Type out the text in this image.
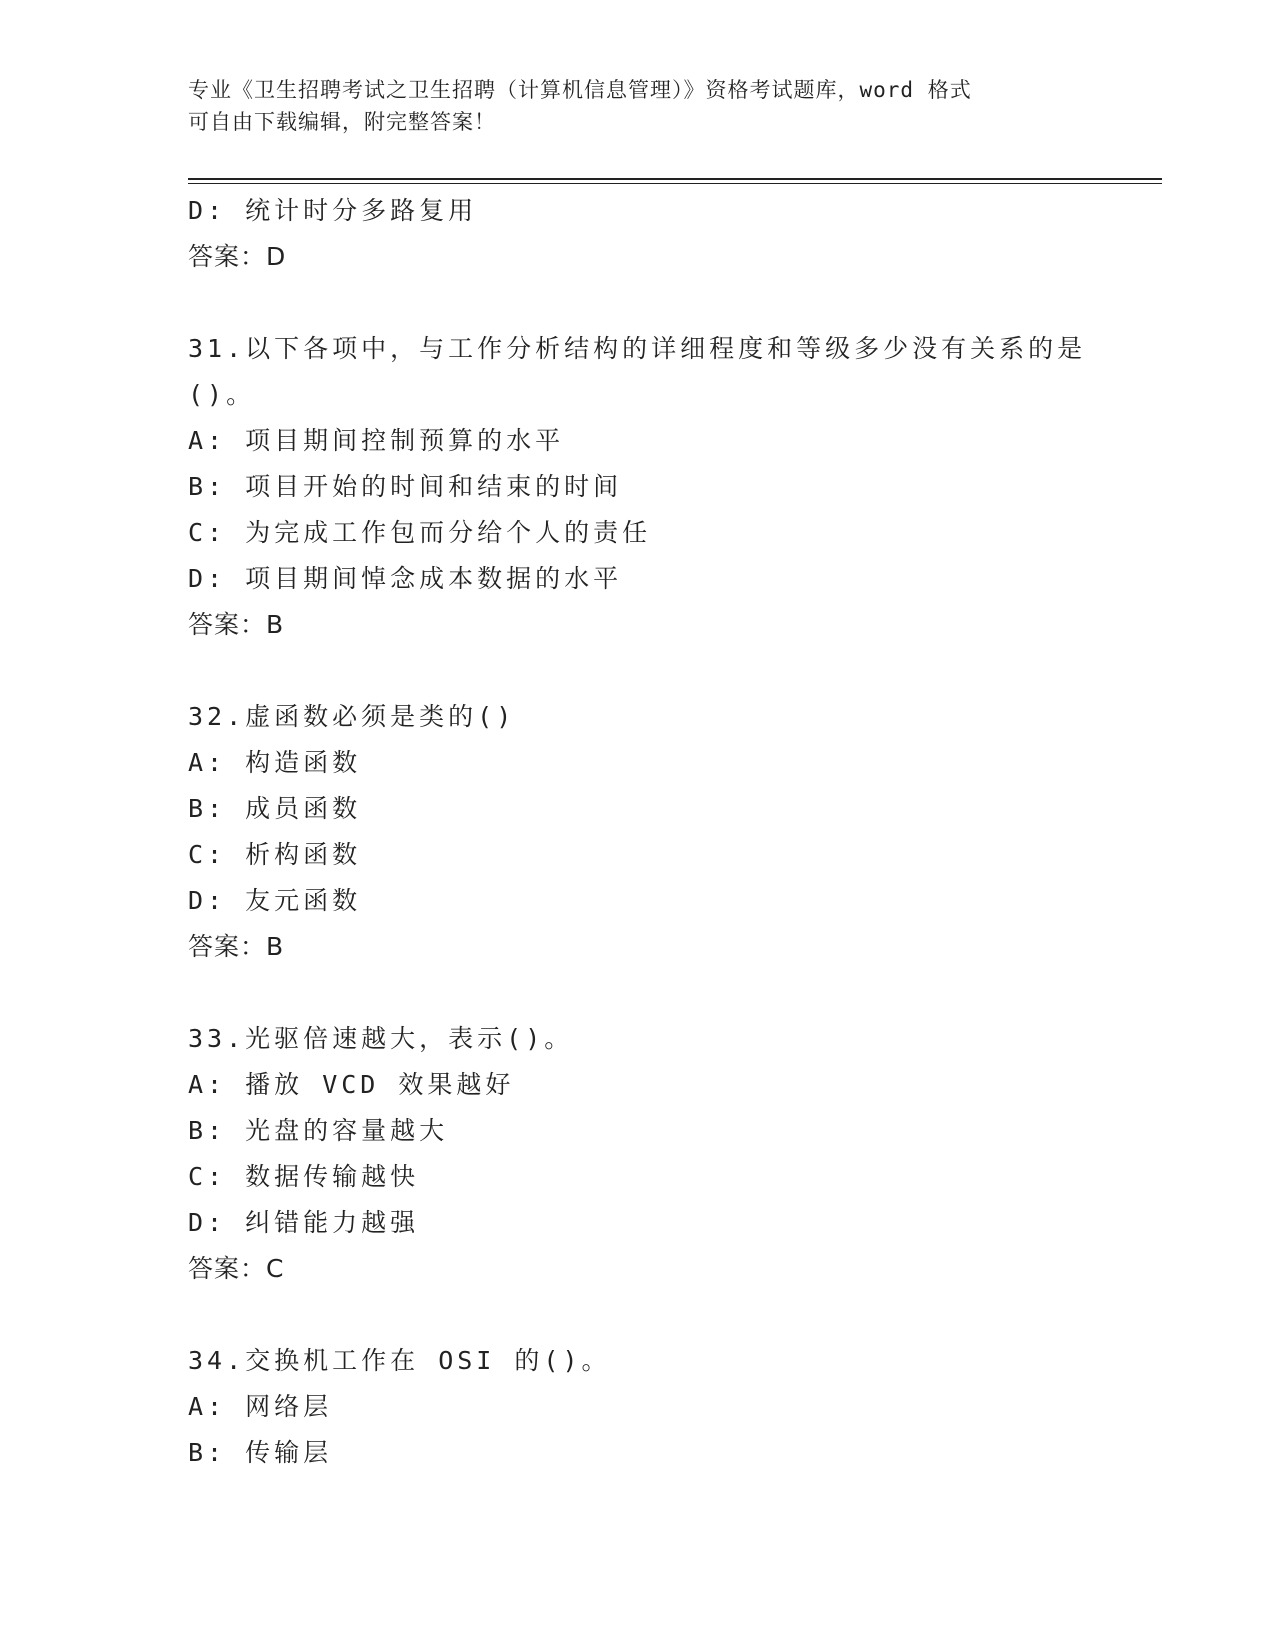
专业《卫生招聘考试之卫生招聘（计算机信息管理）》资格考试题库，word 格式
可自由下载编辑，附完整答案！
D: 统计时分多路复用
答案：D
31.以下各项中，与工作分析结构的详细程度和等级多少没有关系的是
()。
A: 项目期间控制预算的水平
B: 项目开始的时间和结束的时间
C: 为完成工作包而分给个人的责任
D: 项目期间悼念成本数据的水平
答案：B
32.虚函数必须是类的()
A: 构造函数
B: 成员函数
C: 析构函数
D: 友元函数
答案：B
33.光驱倍速越大，表示()。
A: 播放 VCD 效果越好
B: 光盘的容量越大
C: 数据传输越快
D: 纠错能力越强
答案：C
34.交换机工作在 OSI 的()。
A: 网络层
B: 传输层
